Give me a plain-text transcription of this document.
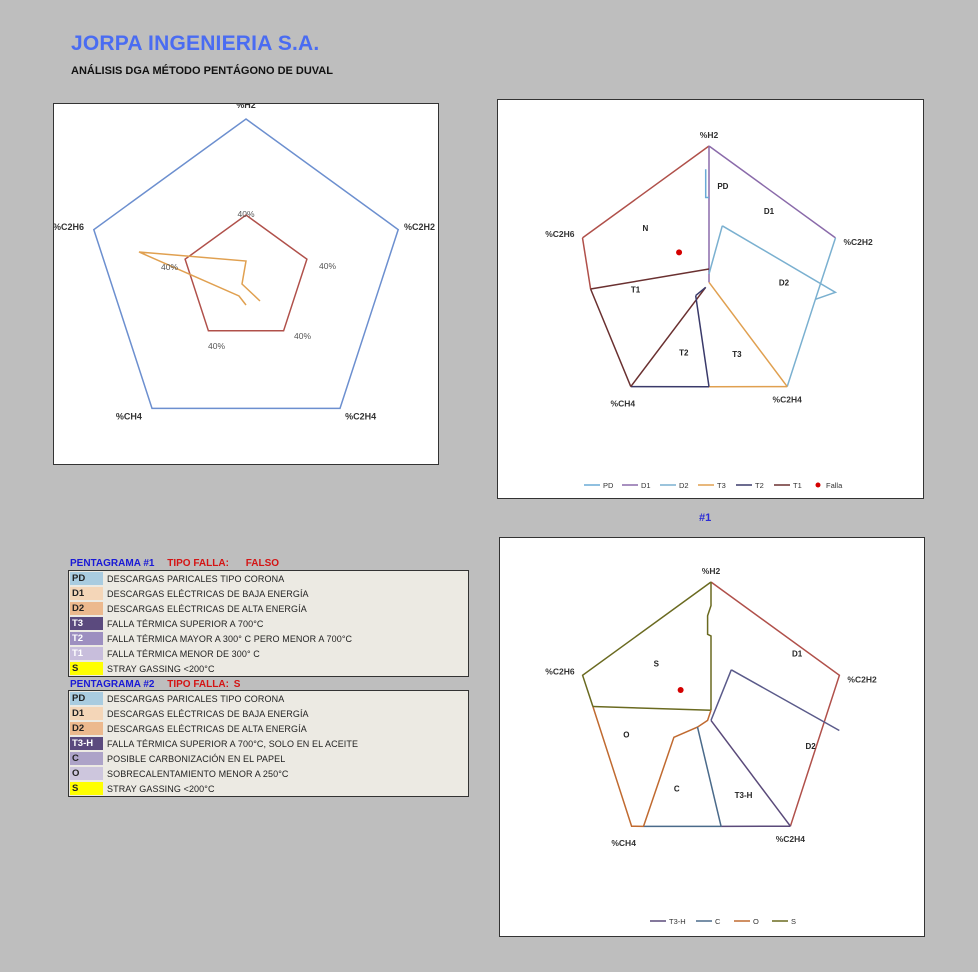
JORPA INGENIERIA S.A.
ANÁLISIS DGA MÉTODO PENTÁGONO DE DUVAL
%H2
%C2H2
%C2H4
%CH4
%C2H6
40%
40%
40%
40%
40%
%H2
%C2H2
%C2H4
%CH4
%C2H6
PD
D1
D2
T3
T2
T1
N
PD	D1	D2	T3	T2	T1	Falla
#1
%H2
%C2H2
%C2H4
%CH4
%C2H6
S
D1
D2
T3-H
C
O
T3-H	C	O	S
PENTAGRAMA #1 TIPO FALLA: FALSO
PD	DESCARGAS PARICALES TIPO CORONA
D1	DESCARGAS ELÉCTRICAS DE BAJA ENERGÍA
D2	DESCARGAS ELÉCTRICAS DE ALTA ENERGÍA
T3	FALLA TÉRMICA SUPERIOR A 700°C
T2	FALLA TÉRMICA MAYOR A 300° C PERO MENOR A 700°C
T1	FALLA TÉRMICA MENOR DE 300° C
S	STRAY GASSING <200°C
PENTAGRAMA #2 TIPO FALLA: S
PD	DESCARGAS PARICALES TIPO CORONA
D1	DESCARGAS ELÉCTRICAS DE BAJA ENERGÍA
D2	DESCARGAS ELÉCTRICAS DE ALTA ENERGÍA
T3-H	FALLA TÉRMICA SUPERIOR A 700°C, SOLO EN EL ACEITE
C	POSIBLE CARBONIZACIÓN EN EL PAPEL
O	SOBRECALENTAMIENTO MENOR A 250°C
S	STRAY GASSING <200°C
